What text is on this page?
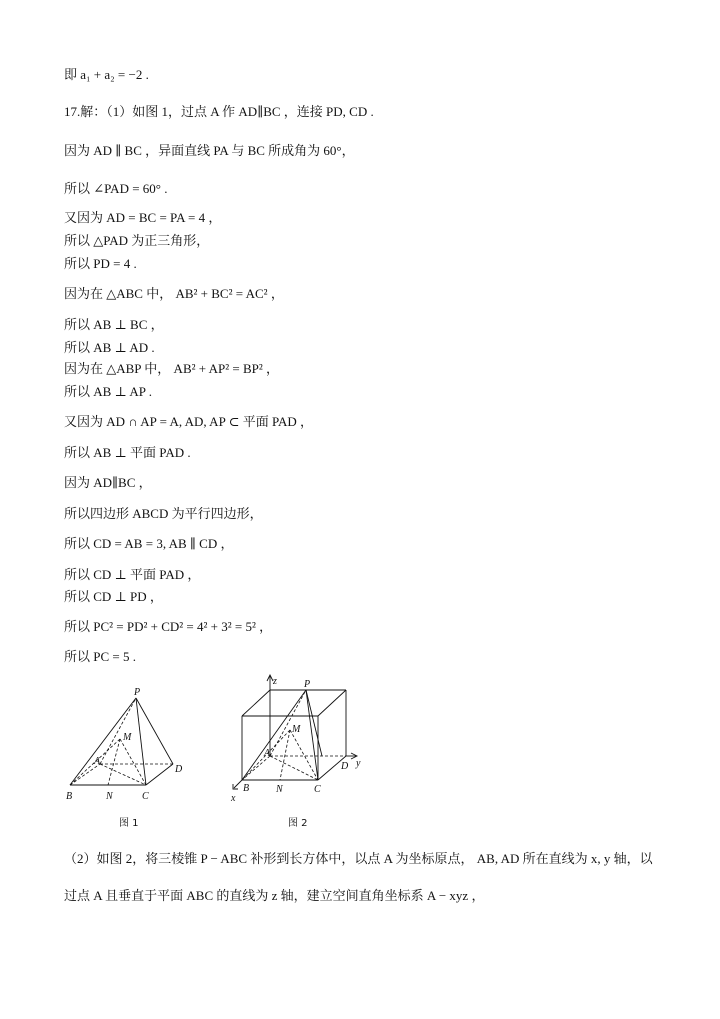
即 a₁ + a₂ = −2 .
17.解：（1）如图 1，过点 A 作 AD∥BC ，连接 PD, CD .
因为 AD ∥ BC ，异面直线 PA 与 BC 所成角为 60°，
所以 ∠PAD = 60° .
又因为 AD = BC = PA = 4 ，
所以 △PAD 为正三角形，
所以 PD = 4 .
因为在 △ABC 中， AB² + BC² = AC² ，
所以 AB ⊥ BC ，
所以 AB ⊥ AD .
因为在 △ABP 中， AB² + AP² = BP² ，
所以 AB ⊥ AP .
又因为 AD ∩ AP = A, AD, AP ⊂ 平面 PAD ，
所以 AB ⊥ 平面 PAD .
因为 AD∥BC ，
所以四边形 ABCD 为平行四边形，
所以 CD = AB = 3, AB ∥ CD ，
所以 CD ⊥ 平面 PAD ，
所以 CD ⊥ PD ，
所以 PC² = PD² + CD² = 4² + 3² = 5² ，
所以 PC = 5 .
P
M
A
D
B	N	C
图 1
z	P
M
A
D y
B	N	C
x
图 2
（2）如图 2，将三棱锥 P − ABC 补形到长方体中，以点 A 为坐标原点， AB, AD 所在直线为 x, y 轴，以
过点 A 且垂直于平面 ABC 的直线为 z 轴，建立空间直角坐标系 A − xyz ，
